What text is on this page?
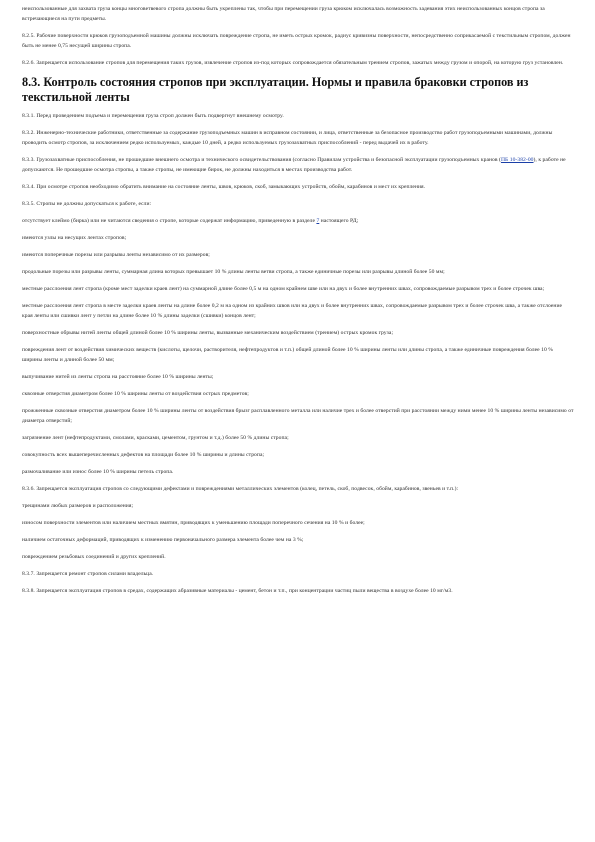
неиспользованные для захвата груза концы многоветвевого стропа должны быть укреплены так, чтобы при перемещении груза крюком исключалась возможность задевания этих неиспользованных концов стропа за встречающиеся на пути предметы.

8.2.5. Рабочие поверхности крюков грузоподъемной машины должны исключать повреждение стропа, не иметь острых кромок, радиус кривизны поверхности, непосредственно соприкасаемой с текстильным стропом, должен быть не менее 0,75 несущей ширины стропа.

8.2.6. Запрещается использование стропов для перемещения таких грузов, извлечение стропов из-под которых сопровождается обязательным трением стропов, зажатых между грузом и опорой, на которую груз установлен.

8.3. Контроль состояния стропов при эксплуатации. Нормы и правила браковки стропов из текстильной ленты

8.3.1. Перед проведением подъема и перемещения груза строп должен быть подвергнут внешнему осмотру.

8.3.2. Инженерно-технические работники, ответственные за содержание грузоподъемных машин в исправном состоянии, и лица, ответственные за безопасное производство работ грузоподъемными машинами, должны проводить осмотр стропов, за исключением редко используемых, каждые 10 дней, а редко используемых грузозахватных приспособлений - перед выдачей их в работу.

8.3.3. Грузозахватные приспособления, не прошедшие внешнего осмотра и технического освидетельствования (согласно Правилам устройства и безопасной эксплуатации грузоподъемных кранов (ПБ 10-382-00), к работе не допускаются. Не прошедшие осмотра стропы, а также стропы, не имеющие бирок, не должны находиться в местах производства работ.

8.3.4. При осмотре стропов необходимо обратить внимание на состояние ленты, швов, крюков, скоб, замыкающих устройств, обойм, карабинов и мест их крепления.

8.3.5. Стропы не должны допускаться к работе, если:

отсутствует клеймо (бирка) или не читаются сведения о стропе, которые содержат информацию, приведенную в разделе 7 настоящего РД;

имеются узлы на несущих лентах стропов;

имеются поперечные порезы или разрывы ленты независимо от их размеров;

продольные порезы или разрывы ленты, суммарная длина которых превышает 10 % длины ленты ветви стропа, а также единичные порезы или разрывы длиной более 50 мм;

местные расслоения лент стропа (кроме мест заделки краев лент) на суммарной длине более 0,5 м на одном крайнем шве или на двух и более внутренних швах, сопровождаемые разрывом трех и более строчек шва;

местные расслоения лент стропа в месте заделки краев ленты на длине более 0,2 м на одном из крайних швов или на двух и более внутренних швах, сопровождаемые разрывом трех и более строчек шва, а также отслоение края ленты или сшивки лент у петли на длине более 10 % длины заделки (сшивки) концов лент;

поверхностные обрывы нитей ленты общей длиной более 10 % ширины ленты, вызванные механическим воздействием (трением) острых кромок груза;

повреждения лент от воздействия химических веществ (кислоты, щелочи, растворителя, нефтепродуктов и т.п.) общей длиной более 10 % ширины ленты или длины стропа, а также единичные повреждения более 10 % ширины ленты и длиной более 50 мм;

выпучивание нитей из ленты стропа на расстояние более 10 % ширины ленты;

сквозные отверстия диаметром более 10 % ширины ленты от воздействия острых предметов;

прожженные сквозные отверстия диаметром более 10 % ширины ленты от воздействия брызг расплавленного металла или наличие трех и более отверстий при расстоянии между ними менее 10 % ширины ленты независимо от диаметра отверстий;

загрязнение лент (нефтепродуктами, смолами, красками, цементом, грунтом и т.д.) более 50 % длины стропа;

совокупность всех вышеперечисленных дефектов на площади более 10 % ширины и длины стропа;

размочаливание или износ более 10 % ширины петель стропа.

8.3.6. Запрещается эксплуатация стропов со следующими дефектами и повреждениями металлических элементов (колец, петель, скоб, подвесок, обойм, карабинов, звеньев и т.п.):

трещинами любых размеров и расположения;

износом поверхности элементов или наличием местных вмятин, приводящих к уменьшению площади поперечного сечения на 10 % и более;

наличием остаточных деформаций, приводящих к изменению первоначального размера элемента более чем на 3 %;

повреждением резьбовых соединений и других креплений.

8.3.7. Запрещается ремонт стропов силами владельца.

8.3.8. Запрещается эксплуатация стропов в средах, содержащих абразивные материалы - цемент, бетон и т.п., при концентрации частиц пыли вещества в воздухе более 10 мг/м3.
